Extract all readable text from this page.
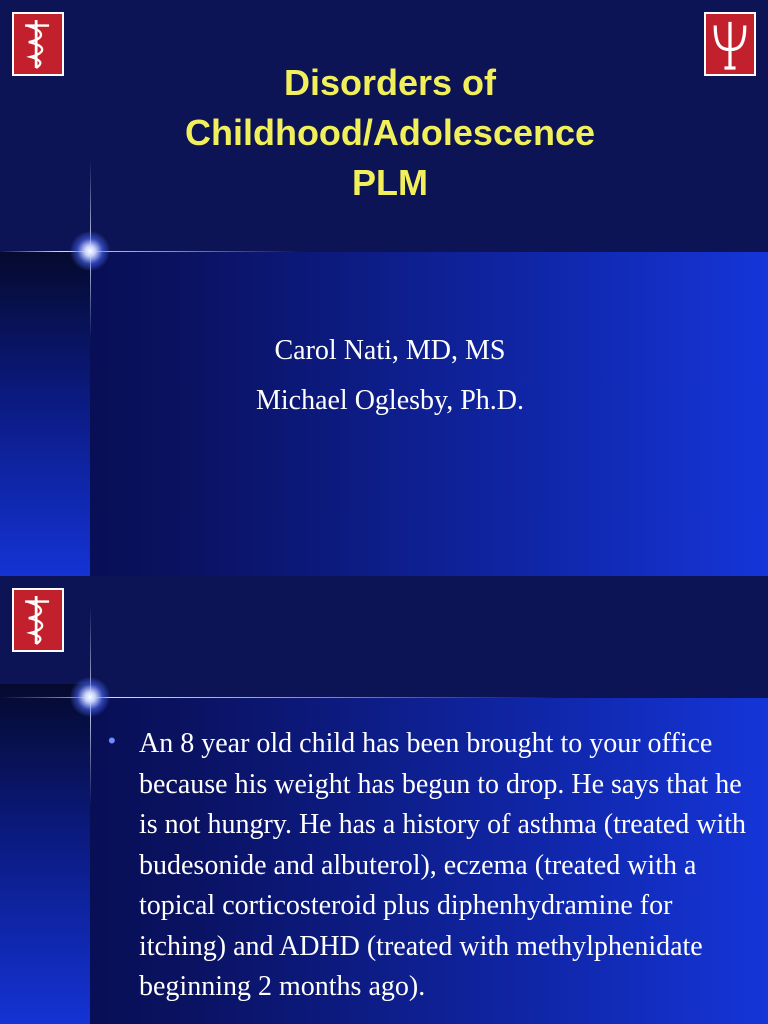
Disorders of
Childhood/Adolescence
PLM
Carol Nati, MD, MS
Michael Oglesby, Ph.D.
• An 8 year old child has been brought to your office because his weight has begun to drop. He says that he is not hungry. He has a history of asthma (treated with budesonide and albuterol), eczema (treated with a topical corticosteroid plus diphenhydramine for itching) and ADHD (treated with methylphenidate beginning 2 months ago).
